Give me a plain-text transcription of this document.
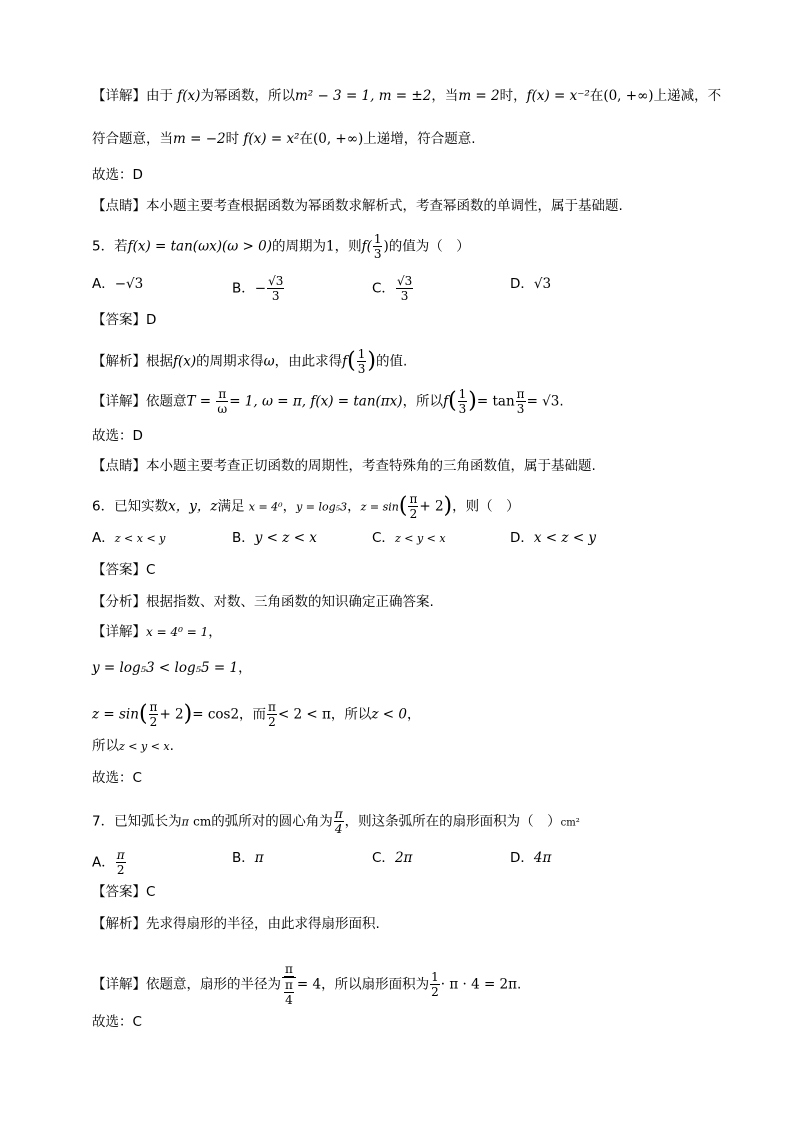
【详解】由于 f(x)为幂函数，所以m² − 3 = 1, m = ±2，当m = 2时，f(x) = x⁻²在(0, +∞)上递减，不
符合题意，当m = −2时 f(x) = x²在(0, +∞)上递增，符合题意.
故选：D
【点睛】本小题主要考查根据函数为幂函数求解析式，考查幂函数的单调性，属于基础题.
5．若f(x) = tan(ωx)(ω > 0)的周期为1，则$f( \frac{1}{3}$ )的值为（　）
A．−√3	B．− $\frac{√3}{3}$	C． $\frac{√3}{3}$	D．√3
【答案】D
【解析】根据f(x)的周期求得ω，由此求得$f( \frac{1}{3}$ )的值.
【详解】依题意$T = \frac{\pi}{\omega} = 1$, ω = π, f(x) = tan(πx)，所以$f( \frac{1}{3}$ )= $\tan \frac{\pi}{3} = √3$.
故选：D
【点睛】本小题主要考查正切函数的周期性，考查特殊角的三角函数值，属于基础题.
6．已知实数x，y，z满足 x = 4⁰，y = log₅3，$z = \sin( \frac{\pi}{2} + 2)$，则（　）
A．z < x < y	B．y < z < x	C．z < y < x	D．x < z < y
【答案】C
【分析】根据指数、对数、三角函数的知识确定正确答案.
【详解】x = 4⁰ = 1，
y = log₅3 < log₅5 = 1，
$z = \sin( \frac{\pi}{2} + 2)= \cos 2$，而 $\frac{\pi}{2} < 2 < \pi$，所以z < 0，
所以z < y < x.
故选：C
7．已知弧长为π cm的弧所对的圆心角为 $\frac{\pi}{4}$ ，则这条弧所在的扇形面积为（　）cm²
A． $\frac{\pi}{2}$	B．π	C．2π	D．4π
【答案】C
【解析】先求得扇形的半径，由此求得扇形面积.
【详解】依题意，扇形的半径为 $\frac{\pi}{\frac{\pi}{4}} = 4$，所以扇形面积为 $\frac{1}{2} \cdot \pi \cdot 4 = 2\pi$.
故选：C
